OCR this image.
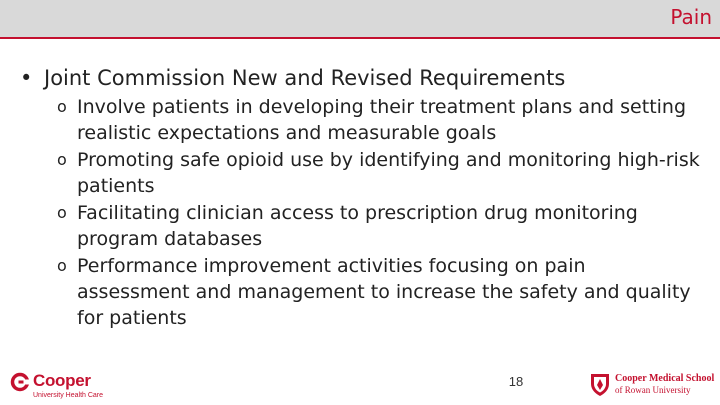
Pain
• Joint Commission New and Revised Requirements
o Involve patients in developing their treatment plans and setting realistic expectations and measurable goals
o Promoting safe opioid use by identifying and monitoring high-risk patients
o Facilitating clinician access to prescription drug monitoring program databases
o Performance improvement activities focusing on pain assessment and management to increase the safety and quality for patients
Cooper
University Health Care
18	Cooper Medical School
of Rowan University
